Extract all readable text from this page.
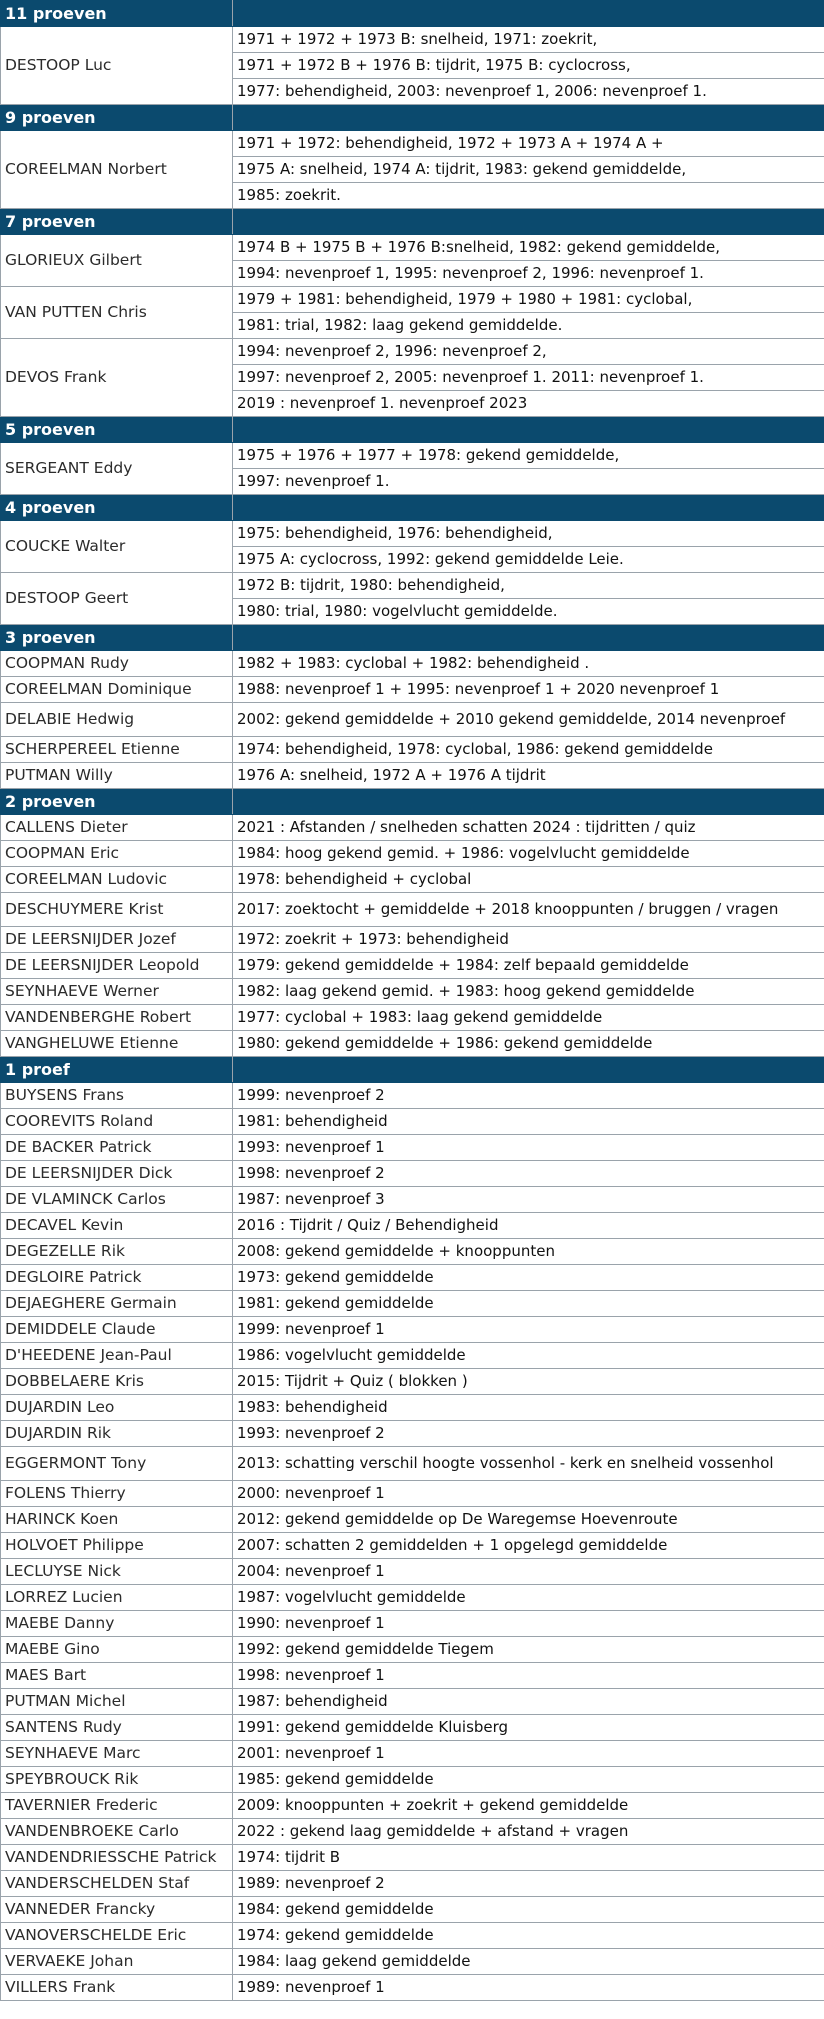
11 proeven	
DESTOOP Luc	1971 + 1972 + 1973 B: snelheid, 1971: zoekrit,
	1971 + 1972 B + 1976 B: tijdrit, 1975 B: cyclocross,
	1977: behendigheid, 2003: nevenproef 1, 2006: nevenproef 1.
9 proeven	
COREELMAN Norbert	1971 + 1972: behendigheid, 1972 + 1973 A + 1974 A +
	1975 A: snelheid, 1974 A: tijdrit, 1983: gekend gemiddelde,
	1985: zoekrit.
7 proeven	
GLORIEUX Gilbert	1974 B + 1975 B + 1976 B:snelheid, 1982: gekend gemiddelde,
	1994: nevenproef 1, 1995: nevenproef 2, 1996: nevenproef 1.
VAN PUTTEN Chris	1979 + 1981: behendigheid, 1979 + 1980 + 1981: cyclobal,
	1981: trial, 1982: laag gekend gemiddelde.
DEVOS Frank	1994: nevenproef 2, 1996: nevenproef 2,
	1997: nevenproef 2, 2005: nevenproef 1. 2011: nevenproef 1.
	2019 : nevenproef 1. nevenproef 2023
5 proeven	
SERGEANT Eddy	1975 + 1976 + 1977 + 1978: gekend gemiddelde,
	1997: nevenproef 1.
4 proeven	
COUCKE Walter	1975: behendigheid, 1976: behendigheid,
	1975 A: cyclocross, 1992: gekend gemiddelde Leie.
DESTOOP Geert	1972 B: tijdrit, 1980: behendigheid,
	1980: trial, 1980: vogelvlucht gemiddelde.
3 proeven	
COOPMAN Rudy	1982 + 1983: cyclobal + 1982: behendigheid .
COREELMAN Dominique	1988: nevenproef 1 + 1995: nevenproef 1 + 2020 nevenproef 1
DELABIE Hedwig	2002: gekend gemiddelde + 2010 gekend gemiddelde, 2014 nevenproef
SCHERPEREEL Etienne	1974: behendigheid, 1978: cyclobal, 1986: gekend gemiddelde
PUTMAN Willy	1976 A: snelheid, 1972 A + 1976 A tijdrit
2 proeven	
CALLENS Dieter	2021 : Afstanden / snelheden schatten 2024 : tijdritten / quiz
COOPMAN Eric	1984: hoog gekend gemid. + 1986: vogelvlucht gemiddelde
COREELMAN Ludovic	1978: behendigheid + cyclobal
DESCHUYMERE Krist	2017: zoektocht + gemiddelde + 2018 knooppunten / bruggen / vragen
DE LEERSNIJDER Jozef	1972: zoekrit + 1973: behendigheid
DE LEERSNIJDER Leopold	1979: gekend gemiddelde + 1984: zelf bepaald gemiddelde
SEYNHAEVE Werner	1982: laag gekend gemid. + 1983: hoog gekend gemiddelde
VANDENBERGHE Robert	1977: cyclobal + 1983: laag gekend gemiddelde
VANGHELUWE Etienne	1980: gekend gemiddelde + 1986: gekend gemiddelde
1 proef	
BUYSENS Frans	1999: nevenproef 2
COOREVITS Roland	1981: behendigheid
DE BACKER Patrick	1993: nevenproef 1
DE LEERSNIJDER Dick	1998: nevenproef 2
DE VLAMINCK Carlos	1987: nevenproef 3
DECAVEL Kevin	2016 : Tijdrit / Quiz / Behendigheid
DEGEZELLE Rik	2008: gekend gemiddelde + knooppunten
DEGLOIRE Patrick	1973: gekend gemiddelde
DEJAEGHERE Germain	1981: gekend gemiddelde
DEMIDDELE Claude	1999: nevenproef 1
D'HEEDENE Jean-Paul	1986: vogelvlucht gemiddelde
DOBBELAERE Kris	2015: Tijdrit + Quiz ( blokken )
DUJARDIN Leo	1983: behendigheid
DUJARDIN Rik	1993: nevenproef 2
EGGERMONT Tony	2013: schatting verschil hoogte vossenhol - kerk en snelheid vossenhol
FOLENS Thierry	2000: nevenproef 1
HARINCK Koen	2012: gekend gemiddelde op De Waregemse Hoevenroute
HOLVOET Philippe	2007: schatten 2 gemiddelden + 1 opgelegd gemiddelde
LECLUYSE Nick	2004: nevenproef 1
LORREZ Lucien	1987: vogelvlucht gemiddelde
MAEBE Danny	1990: nevenproef 1
MAEBE Gino	1992: gekend gemiddelde Tiegem
MAES Bart	1998: nevenproef 1
PUTMAN Michel	1987: behendigheid
SANTENS Rudy	1991: gekend gemiddelde Kluisberg
SEYNHAEVE Marc	2001: nevenproef 1
SPEYBROUCK Rik	1985: gekend gemiddelde
TAVERNIER Frederic	2009: knooppunten + zoekrit + gekend gemiddelde
VANDENBROEKE Carlo	2022 : gekend laag gemiddelde + afstand + vragen
VANDENDRIESSCHE Patrick	1974: tijdrit B
VANDERSCHELDEN Staf	1989: nevenproef 2
VANNEDER Francky	1984: gekend gemiddelde
VANOVERSCHELDE Eric	1974: gekend gemiddelde
VERVAEKE Johan	1984: laag gekend gemiddelde
VILLERS Frank	1989: nevenproef 1
